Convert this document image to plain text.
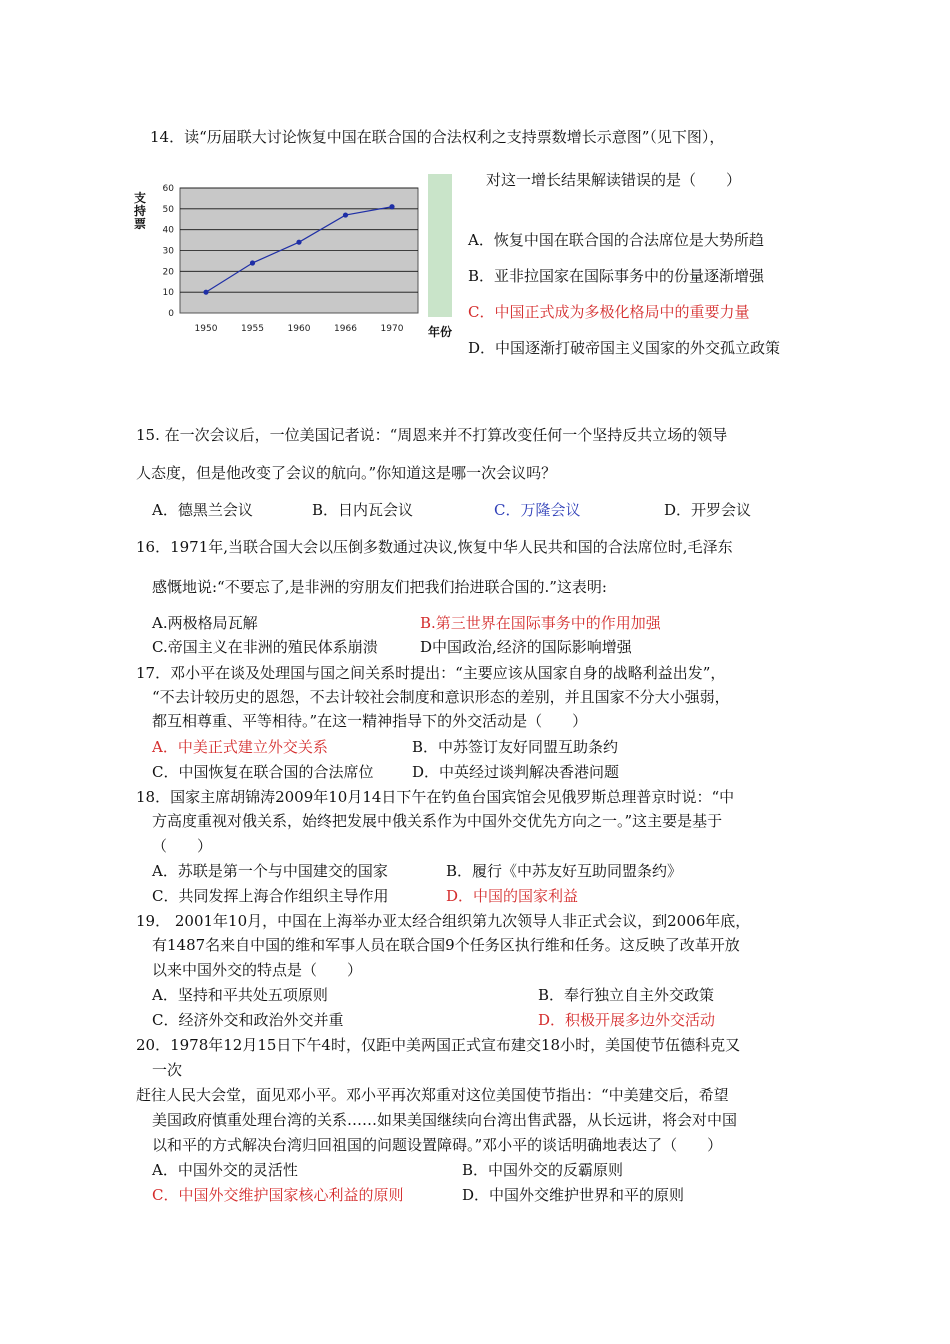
14．读“历届联大讨论恢复中国在联合国的合法权利之支持票数增长示意图”（见下图），
支
持
票
0
10
20
30
40
50
60
1950	1955	1960	1966	1970 年份
对这一增长结果解读错误的是（　　）
A．恢复中国在联合国的合法席位是大势所趋
B．亚非拉国家在国际事务中的份量逐渐增强
C．中国正式成为多极化格局中的重要力量
D．中国逐渐打破帝国主义国家的外交孤立政策
15. 在一次会议后，一位美国记者说：“周恩来并不打算改变任何一个坚持反共立场的领导
人态度，但是他改变了会议的航向。”你知道这是哪一次会议吗？
A．德黑兰会议	B．日内瓦会议	C．万隆会议	D．开罗会议
16．1971年,当联合国大会以压倒多数通过决议,恢复中华人民共和国的合法席位时,毛泽东
感慨地说:“不要忘了,是非洲的穷朋友们把我们抬进联合国的.”这表明:
A.两极格局瓦解	B.第三世界在国际事务中的作用加强
C.帝国主义在非洲的殖民体系崩溃	D中国政治,经济的国际影响增强
17．邓小平在谈及处理国与国之间关系时提出：“主要应该从国家自身的战略利益出发”，
“不去计较历史的恩怨，不去计较社会制度和意识形态的差别，并且国家不分大小强弱，
都互相尊重、平等相待。”在这一精神指导下的外交活动是（　　）
A．中美正式建立外交关系	B．中苏签订友好同盟互助条约
C．中国恢复在联合国的合法席位	D．中英经过谈判解决香港问题
18．国家主席胡锦涛2009年10月14日下午在钓鱼台国宾馆会见俄罗斯总理普京时说：“中
方高度重视对俄关系，始终把发展中俄关系作为中国外交优先方向之一。”这主要是基于
（　　）
A．苏联是第一个与中国建交的国家	B．履行《中苏友好互助同盟条约》
C．共同发挥上海合作组织主导作用	D．中国的国家利益
19． 2001年10月，中国在上海举办亚太经合组织第九次领导人非正式会议，到2006年底，
有1487名来自中国的维和军事人员在联合国9个任务区执行维和任务。这反映了改革开放
以来中国外交的特点是（　　）
A．坚持和平共处五项原则	B．奉行独立自主外交政策
C．经济外交和政治外交并重	D．积极开展多边外交活动
20．1978年12月15日下午4时，仅距中美两国正式宣布建交18小时，美国使节伍德科克又
一次
赶往人民大会堂，面见邓小平。邓小平再次郑重对这位美国使节指出：“中美建交后，希望
美国政府慎重处理台湾的关系……如果美国继续向台湾出售武器，从长远讲，将会对中国
以和平的方式解决台湾归回祖国的问题设置障碍。”邓小平的谈话明确地表达了（　　）
A．中国外交的灵活性	B．中国外交的反霸原则
C．中国外交维护国家核心利益的原则	D．中国外交维护世界和平的原则
